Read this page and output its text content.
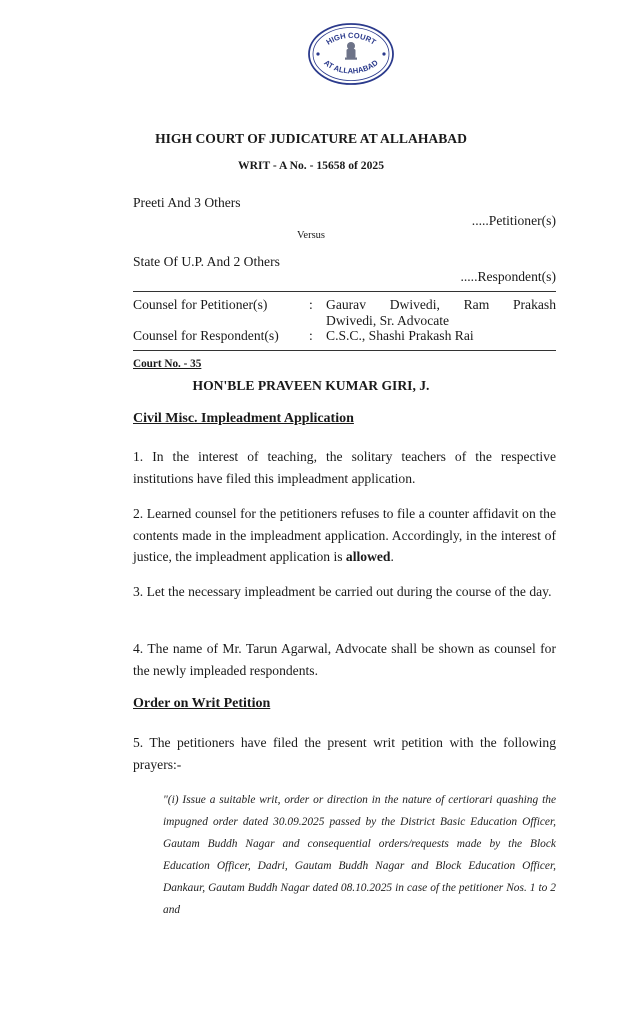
HIGH COURT
AT ALLAHABAD
HIGH COURT OF JUDICATURE AT ALLAHABAD
WRIT - A No. - 15658 of 2025
Preeti And 3 Others
.....Petitioner(s)
Versus
State Of U.P. And 2 Others
.....Respondent(s)
Counsel for Petitioner(s)	: Gaurav Dwivedi, Ram Prakash
Dwivedi, Sr. Advocate
Counsel for Respondent(s) : C.S.C., Shashi Prakash Rai
Court No. - 35
HON'BLE PRAVEEN KUMAR GIRI, J.
Civil Misc. Impleadment Application
1. In the interest of teaching, the solitary teachers of the respective institutions have filed this impleadment application.
2. Learned counsel for the petitioners refuses to file a counter affidavit on the contents made in the impleadment application. Accordingly, in the interest of justice, the impleadment application is allowed.
3. Let the necessary impleadment be carried out during the course of the day.
4. The name of Mr. Tarun Agarwal, Advocate shall be shown as counsel for the newly impleaded respondents.
Order on Writ Petition
5. The petitioners have filed the present writ petition with the following prayers:-
"(i) Issue a suitable writ, order or direction in the nature of certiorari quashing the impugned order dated 30.09.2025 passed by the District Basic Education Officer, Gautam Buddh Nagar and consequential orders/requests made by the Block Education Officer, Dadri, Gautam Buddh Nagar and Block Education Officer, Dankaur, Gautam Buddh Nagar dated 08.10.2025 in case of the petitioner Nos. 1 to 2 and
